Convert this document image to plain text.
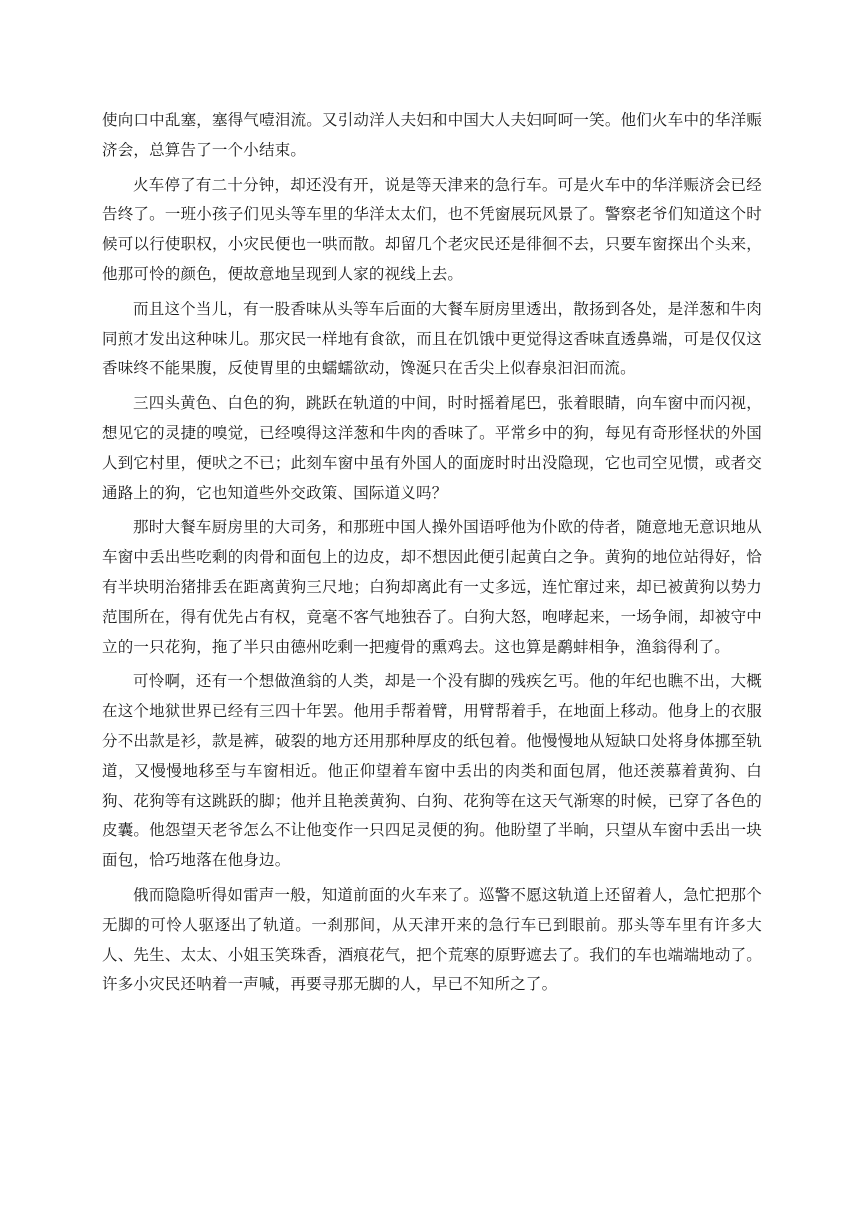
使向口中乱塞，塞得气噎泪流。又引动洋人夫妇和中国大人夫妇呵呵一笑。他们火车中的华洋赈济会，总算告了一个小结束。

火车停了有二十分钟，却还没有开，说是等天津来的急行车。可是火车中的华洋赈济会已经告终了。一班小孩子们见头等车里的华洋太太们，也不凭窗展玩风景了。警察老爷们知道这个时候可以行使职权，小灾民便也一哄而散。却留几个老灾民还是徘徊不去，只要车窗探出个头来，他那可怜的颜色，便故意地呈现到人家的视线上去。

而且这个当儿，有一股香味从头等车后面的大餐车厨房里透出，散扬到各处，是洋葱和牛肉同煎才发出这种味儿。那灾民一样地有食欲，而且在饥饿中更觉得这香味直透鼻端，可是仅仅这香味终不能果腹，反使胃里的虫蠕蠕欲动，馋涎只在舌尖上似春泉汩汩而流。

三四头黄色、白色的狗，跳跃在轨道的中间，时时摇着尾巴，张着眼睛，向车窗中而闪视，想见它的灵捷的嗅觉，已经嗅得这洋葱和牛肉的香味了。平常乡中的狗，每见有奇形怪状的外国人到它村里，便吠之不已；此刻车窗中虽有外国人的面庞时时出没隐现，它也司空见惯，或者交通路上的狗，它也知道些外交政策、国际道义吗？

那时大餐车厨房里的大司务，和那班中国人操外国语呼他为仆欧的侍者，随意地无意识地从车窗中丢出些吃剩的肉骨和面包上的边皮，却不想因此便引起黄白之争。黄狗的地位站得好，恰有半块明治猪排丢在距离黄狗三尺地；白狗却离此有一丈多远，连忙窜过来，却已被黄狗以势力范围所在，得有优先占有权，竟毫不客气地独吞了。白狗大怒，咆哮起来，一场争闹，却被守中立的一只花狗，拖了半只由德州吃剩一把瘦骨的熏鸡去。这也算是鹬蚌相争，渔翁得利了。

可怜啊，还有一个想做渔翁的人类，却是一个没有脚的残疾乞丐。他的年纪也瞧不出，大概在这个地狱世界已经有三四十年罢。他用手帮着臂，用臂帮着手，在地面上移动。他身上的衣服分不出款是衫，款是裤，破裂的地方还用那种厚皮的纸包着。他慢慢地从短缺口处将身体挪至轨道，又慢慢地移至与车窗相近。他正仰望着车窗中丢出的肉类和面包屑，他还羡慕着黄狗、白狗、花狗等有这跳跃的脚；他并且艳羡黄狗、白狗、花狗等在这天气渐寒的时候，已穿了各色的皮囊。他怨望天老爷怎么不让他变作一只四足灵便的狗。他盼望了半晌，只望从车窗中丢出一块面包，恰巧地落在他身边。

俄而隐隐听得如雷声一般，知道前面的火车来了。巡警不愿这轨道上还留着人，急忙把那个无脚的可怜人驱逐出了轨道。一刹那间，从天津开来的急行车已到眼前。那头等车里有许多大人、先生、太太、小姐玉笑珠香，酒痕花气，把个荒寒的原野遮去了。我们的车也端端地动了。许多小灾民还呐着一声喊，再要寻那无脚的人，早已不知所之了。
